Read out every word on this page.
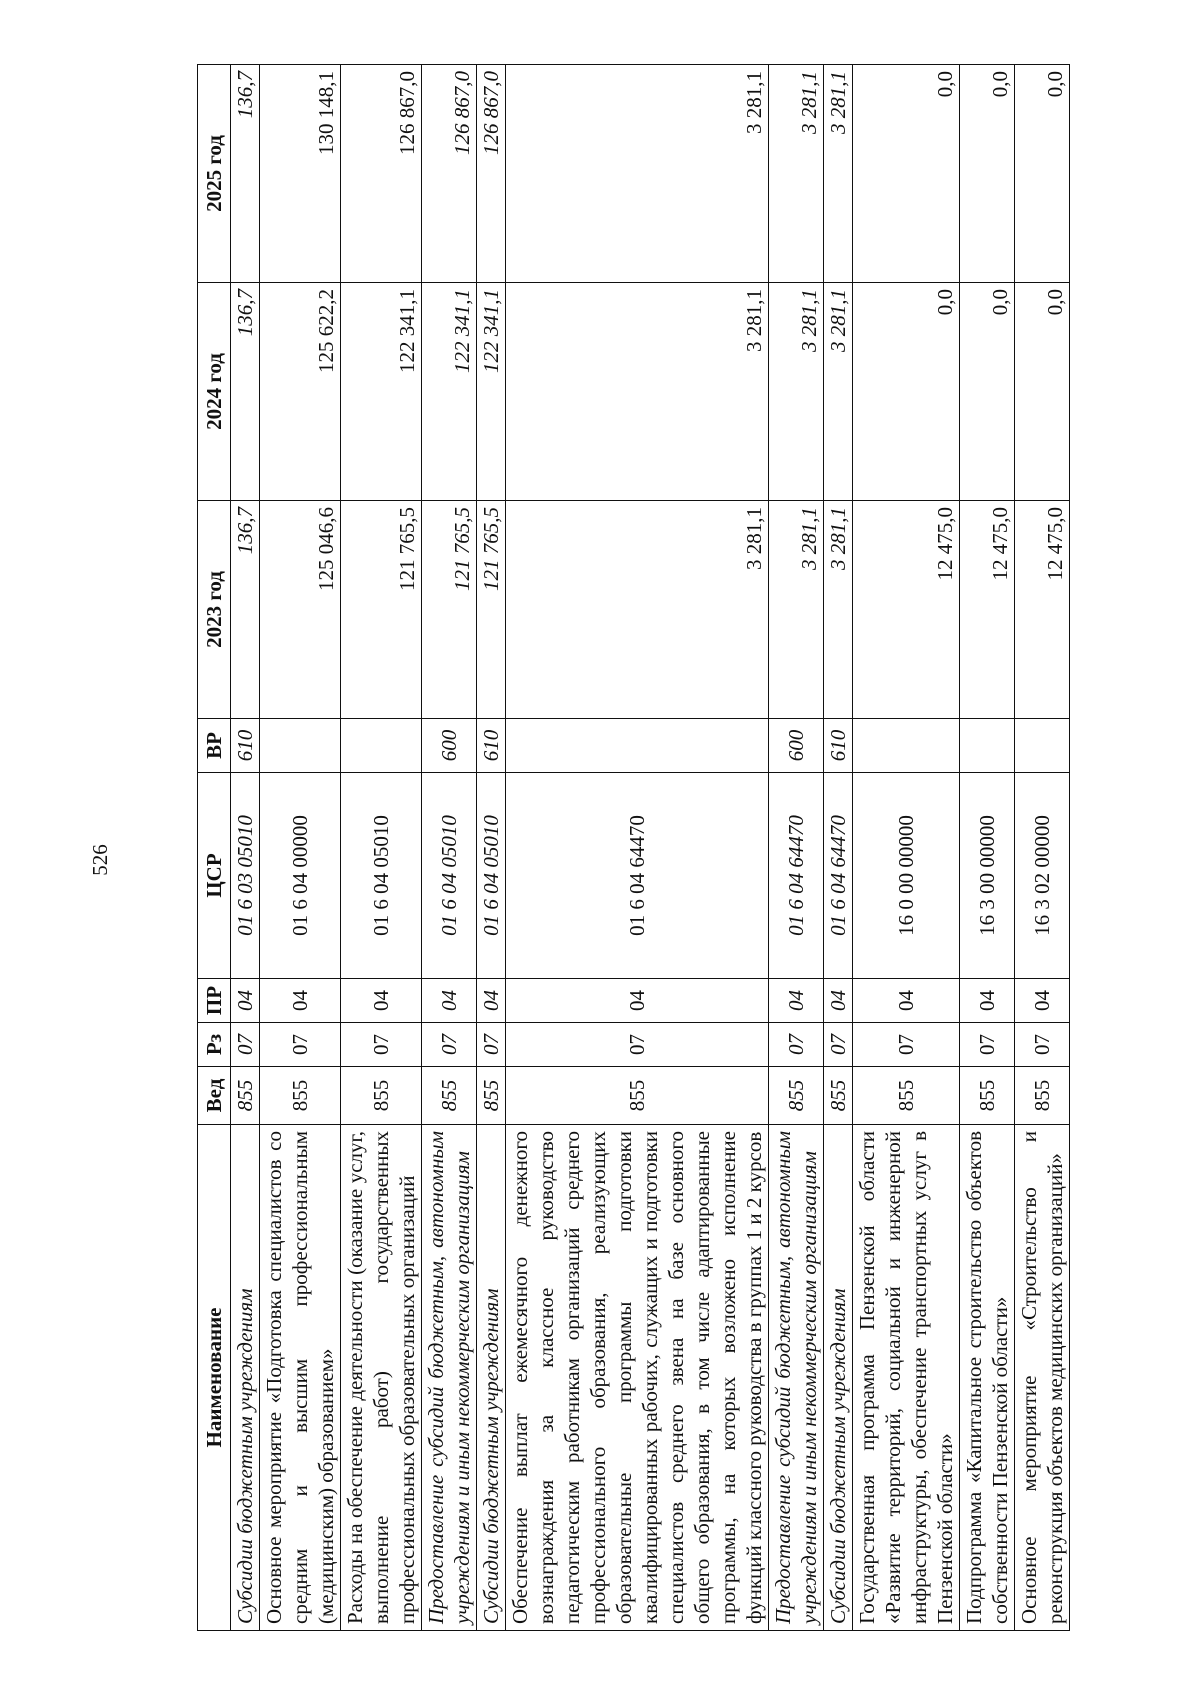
526
Наименование	Вед	Рз	ПР	ЦСР	ВР	2023 год	2024 год	2025 год
Субсидии бюджетным учреждениям	855	07	04	01 6 03 05010	610	136,7	136,7	136,7
Основное мероприятие «Подготовка специалистов со средним и высшим профессиональным (медицинским) образованием»	855	07	04	01 6 04 00000		125 046,6	125 622,2	130 148,1
Расходы на обеспечение деятельности (оказание услуг, выполнение работ) государственных профессиональных образовательных организаций	855	07	04	01 6 04 05010		121 765,5	122 341,1	126 867,0
Предоставление субсидий бюджетным, автономным учреждениям и иным некоммерческим организациям	855	07	04	01 6 04 05010	600	121 765,5	122 341,1	126 867,0
Субсидии бюджетным учреждениям	855	07	04	01 6 04 05010	610	121 765,5	122 341,1	126 867,0
Обеспечение выплат ежемесячного денежного вознаграждения за классное руководство педагогическим работникам организаций среднего профессионального образования, реализующих образовательные программы подготовки квалифицированных рабочих, служащих и подготовки специалистов среднего звена на базе основного общего образования, в том числе адаптированные программы, на которых возложено исполнение функций классного руководства в группах 1 и 2 курсов	855	07	04	01 6 04 64470		3 281,1	3 281,1	3 281,1
Предоставление субсидий бюджетным, автономным учреждениям и иным некоммерческим организациям	855	07	04	01 6 04 64470	600	3 281,1	3 281,1	3 281,1
Субсидии бюджетным учреждениям	855	07	04	01 6 04 64470	610	3 281,1	3 281,1	3 281,1
Государственная программа Пензенской области «Развитие территорий, социальной и инженерной инфраструктуры, обеспечение транспортных услуг в Пензенской области»	855	07	04	16 0 00 00000		12 475,0	0,0	0,0
Подпрограмма «Капитальное строительство объектов собственности Пензенской области»	855	07	04	16 3 00 00000		12 475,0	0,0	0,0
Основное мероприятие «Строительство и реконструкция объектов медицинских организаций»	855	07	04	16 3 02 00000		12 475,0	0,0	0,0
